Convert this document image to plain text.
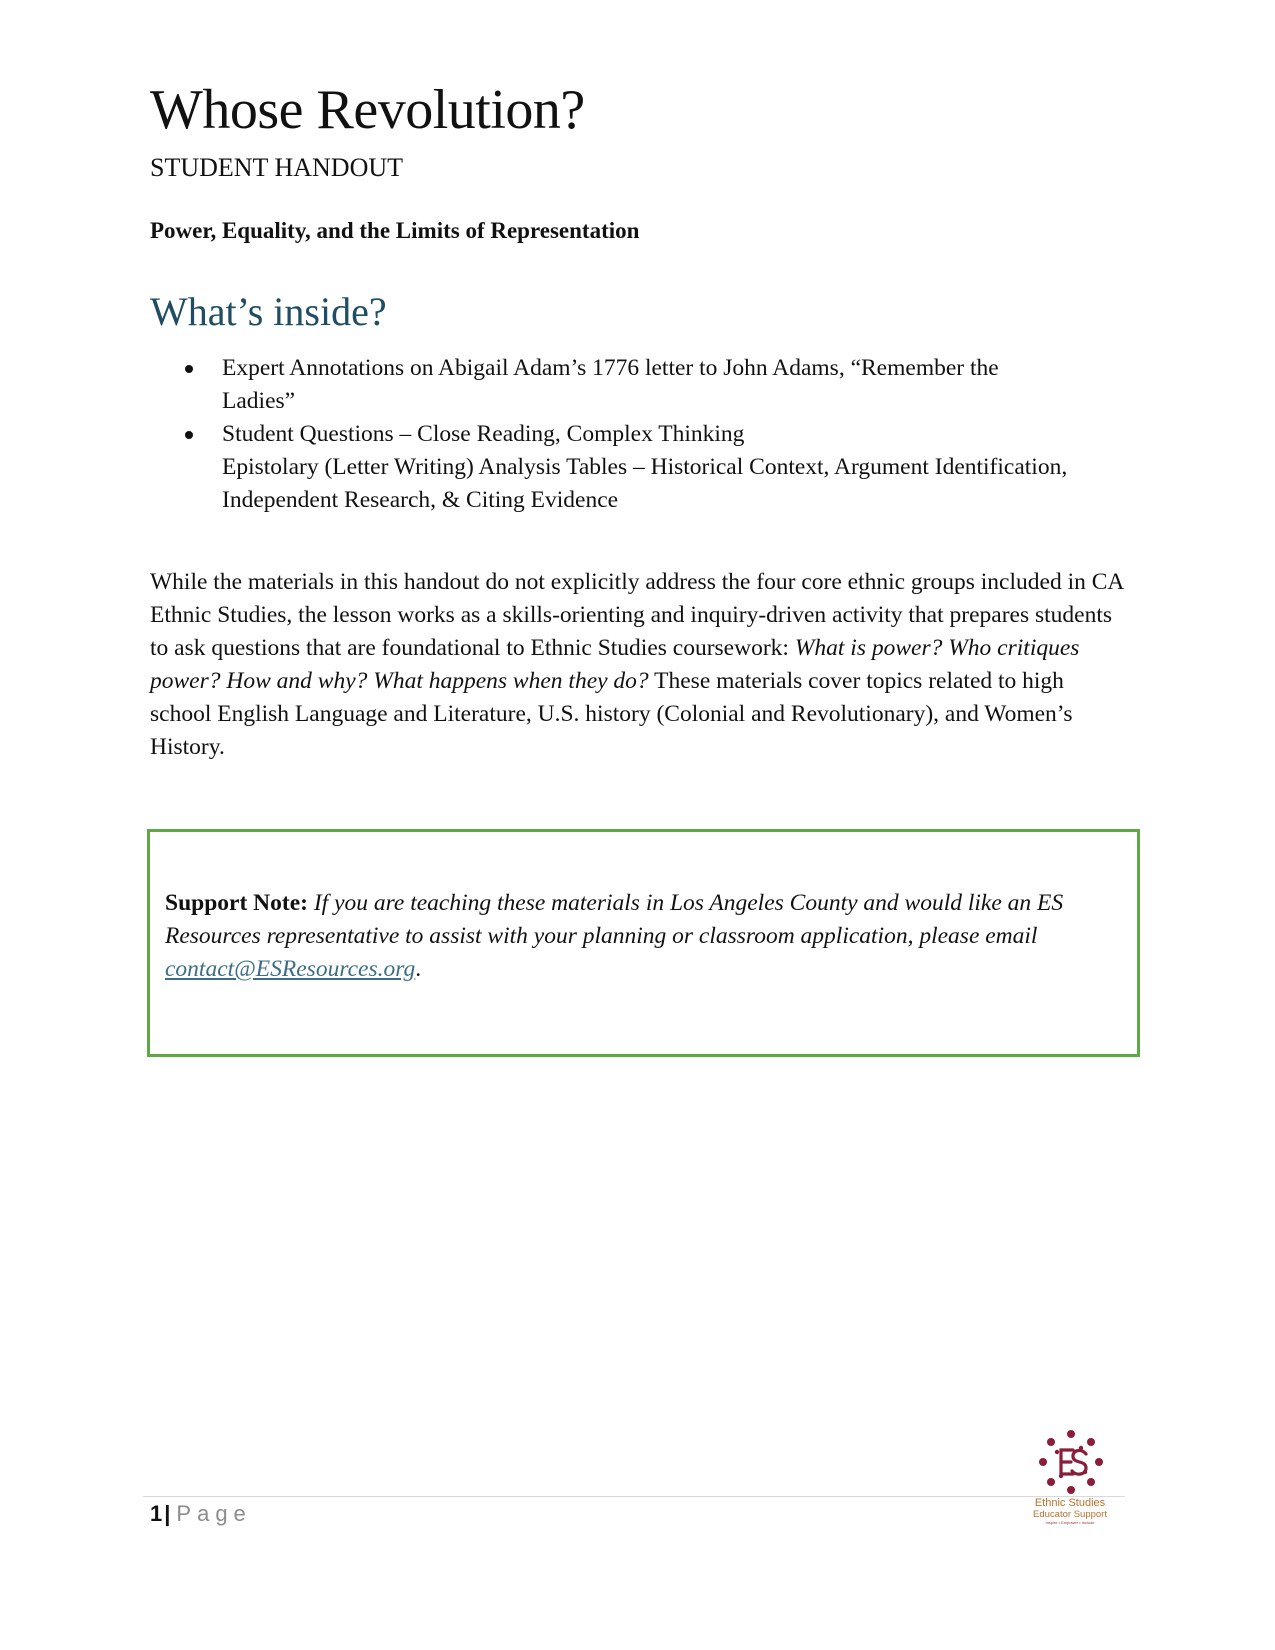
Whose Revolution?
STUDENT HANDOUT
Power, Equality, and the Limits of Representation
What’s inside?
Expert Annotations on Abigail Adam’s 1776 letter to John Adams, “Remember the
Ladies”
Student Questions – Close Reading, Complex Thinking
Epistolary (Letter Writing) Analysis Tables – Historical Context, Argument Identification, Independent Research, & Citing Evidence

While the materials in this handout do not explicitly address the four core ethnic groups included in CA Ethnic Studies, the lesson works as a skills-orienting and inquiry-driven activity that prepares students to ask questions that are foundational to Ethnic Studies coursework: What is power? Who critiques power? How and why? What happens when they do? These materials cover topics related to high school English Language and Literature, U.S. history (Colonial and Revolutionary), and Women’s History.

Support Note: If you are teaching these materials in Los Angeles County and would like an ES Resources representative to assist with your planning or classroom application, please email contact@ESResources.org.

1| Page	Ethnic Studies
Educator Support
Inspire • Empower • Include
